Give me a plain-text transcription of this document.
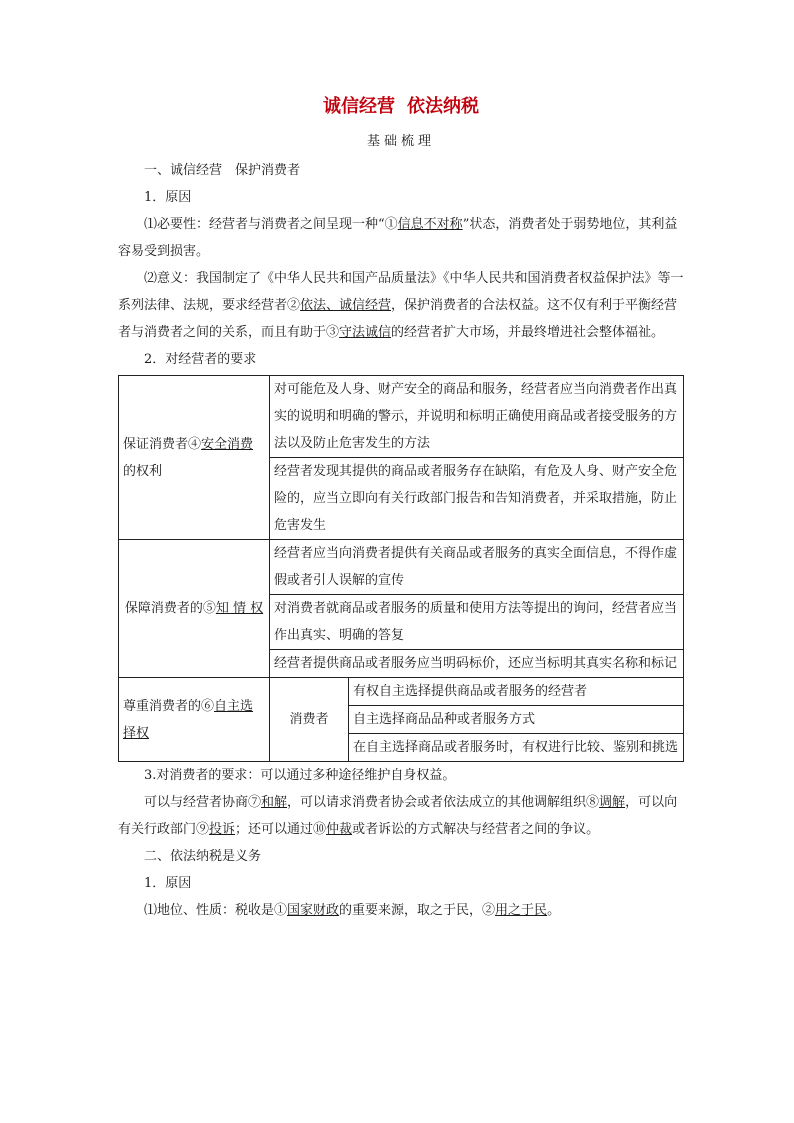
诚信经营 依法纳税
基础梳理

一、诚信经营　保护消费者

1．原因

⑴必要性：经营者与消费者之间呈现一种“①信息不对称”状态，消费者处于弱势地位，其利益容易受到损害。

⑵意义：我国制定了《中华人民共和国产品质量法》《中华人民共和国消费者权益保护法》等一系列法律、法规，要求经营者②依法、诚信经营，保护消费者的合法权益。这不仅有利于平衡经营者与消费者之间的关系，而且有助于③守法诚信的经营者扩大市场，并最终增进社会整体福祉。

2．对经营者的要求

保证消费者④安全消费的权利	对可能危及人身、财产安全的商品和服务，经营者应当向消费者作出真实的说明和明确的警示，并说明和标明正确使用商品或者接受服务的方法以及防止危害发生的方法	
	经营者发现其提供的商品或者服务存在缺陷，有危及人身、财产安全危险的，应当立即向有关行政部门报告和告知消费者，并采取措施，防止危害发生	
保障消费者的⑤知 情 权	经营者应当向消费者提供有关商品或者服务的真实全面信息，不得作虚假或者引人误解的宣传	
	对消费者就商品或者服务的质量和使用方法等提出的询问，经营者应当作出真实、明确的答复	
	经营者提供商品或者服务应当明码标价，还应当标明其真实名称和标记	
尊重消费者的⑥自主选择权	消费者	有权自主选择提供商品或者服务的经营者
		自主选择商品品种或者服务方式
		在自主选择商品或者服务时，有权进行比较、鉴别和挑选

3.对消费者的要求：可以通过多种途径维护自身权益。

可以与经营者协商⑦和解，可以请求消费者协会或者依法成立的其他调解组织⑧调解，可以向有关行政部门⑨投诉；还可以通过⑩仲裁或者诉讼的方式解决与经营者之间的争议。

二、依法纳税是义务

1．原因

⑴地位、性质：税收是①国家财政的重要来源，取之于民，②用之于民。
